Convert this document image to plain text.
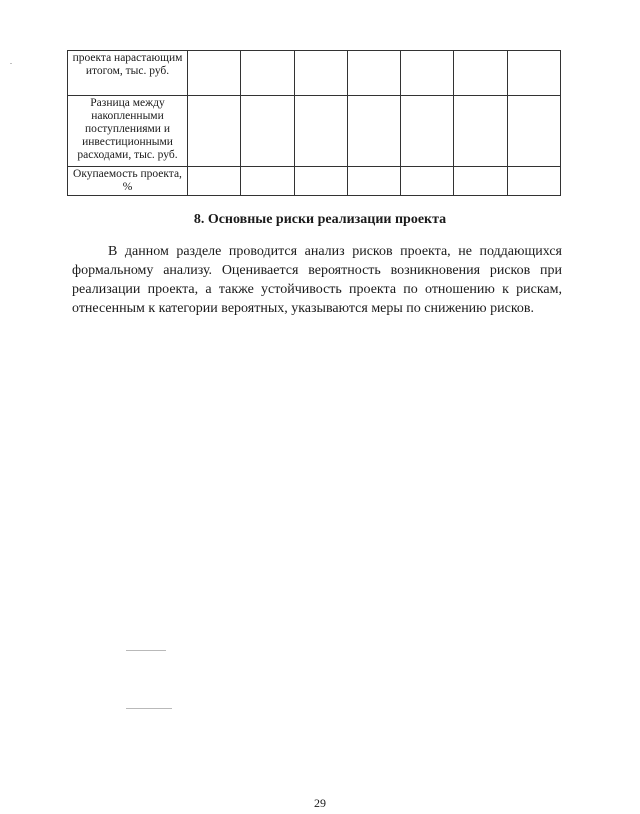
проекта нарастающим итогом, тыс. руб.							
Разница между накопленными поступлениями и инвестиционными расходами, тыс. руб.							
Окупаемость проекта, %							
8. Основные риски реализации проекта

В данном разделе проводится анализ рисков проекта, не поддающихся формальному анализу. Оценивается вероятность возникновения рисков при реализации проекта, а также устойчивость проекта по отношению к рискам, отнесенным к категории вероятных, указываются меры по снижению рисков.

29
